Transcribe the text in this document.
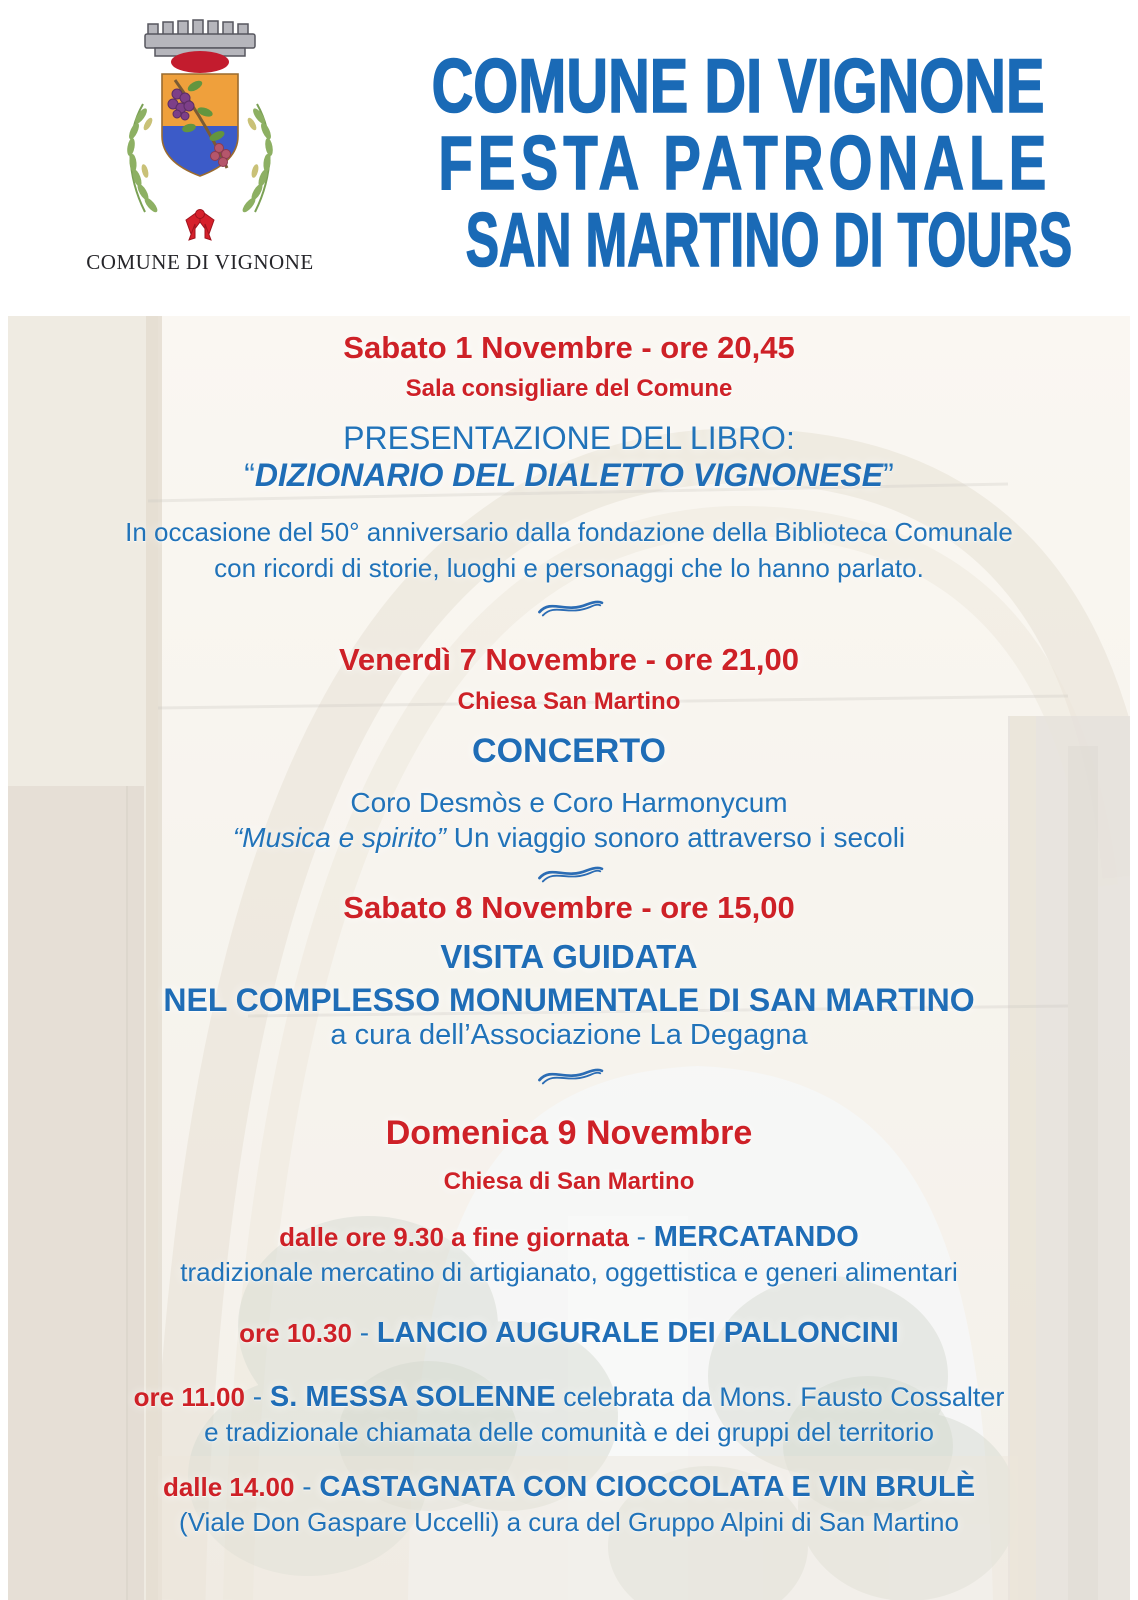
COMUNE DI VIGNONE
COMUNE DI VIGNONE
FESTA PATRONALE
SAN MARTINO DI TOURS
Sabato 1 Novembre - ore 20,45
Sala consigliare del Comune
PRESENTAZIONE DEL LIBRO:
“DIZIONARIO DEL DIALETTO VIGNONESE”
In occasione del 50° anniversario dalla fondazione della Biblioteca Comunale
con ricordi di storie, luoghi e personaggi che lo hanno parlato.
Venerdì 7 Novembre - ore 21,00
Chiesa San Martino
CONCERTO
Coro Desmòs e Coro Harmonycum
“Musica e spirito” Un viaggio sonoro attraverso i secoli
Sabato 8 Novembre - ore 15,00
VISITA GUIDATA
NEL COMPLESSO MONUMENTALE DI SAN MARTINO
a cura dell’Associazione La Degagna
Domenica 9 Novembre
Chiesa di San Martino
dalle ore 9.30 a fine giornata - MERCATANDO
tradizionale mercatino di artigianato, oggettistica e generi alimentari
ore 10.30 - LANCIO AUGURALE DEI PALLONCINI
ore 11.00 - S. MESSA SOLENNE celebrata da Mons. Fausto Cossalter
e tradizionale chiamata delle comunità e dei gruppi del territorio
dalle 14.00 - CASTAGNATA CON CIOCCOLATA E VIN BRULÈ
(Viale Don Gaspare Uccelli) a cura del Gruppo Alpini di San Martino
